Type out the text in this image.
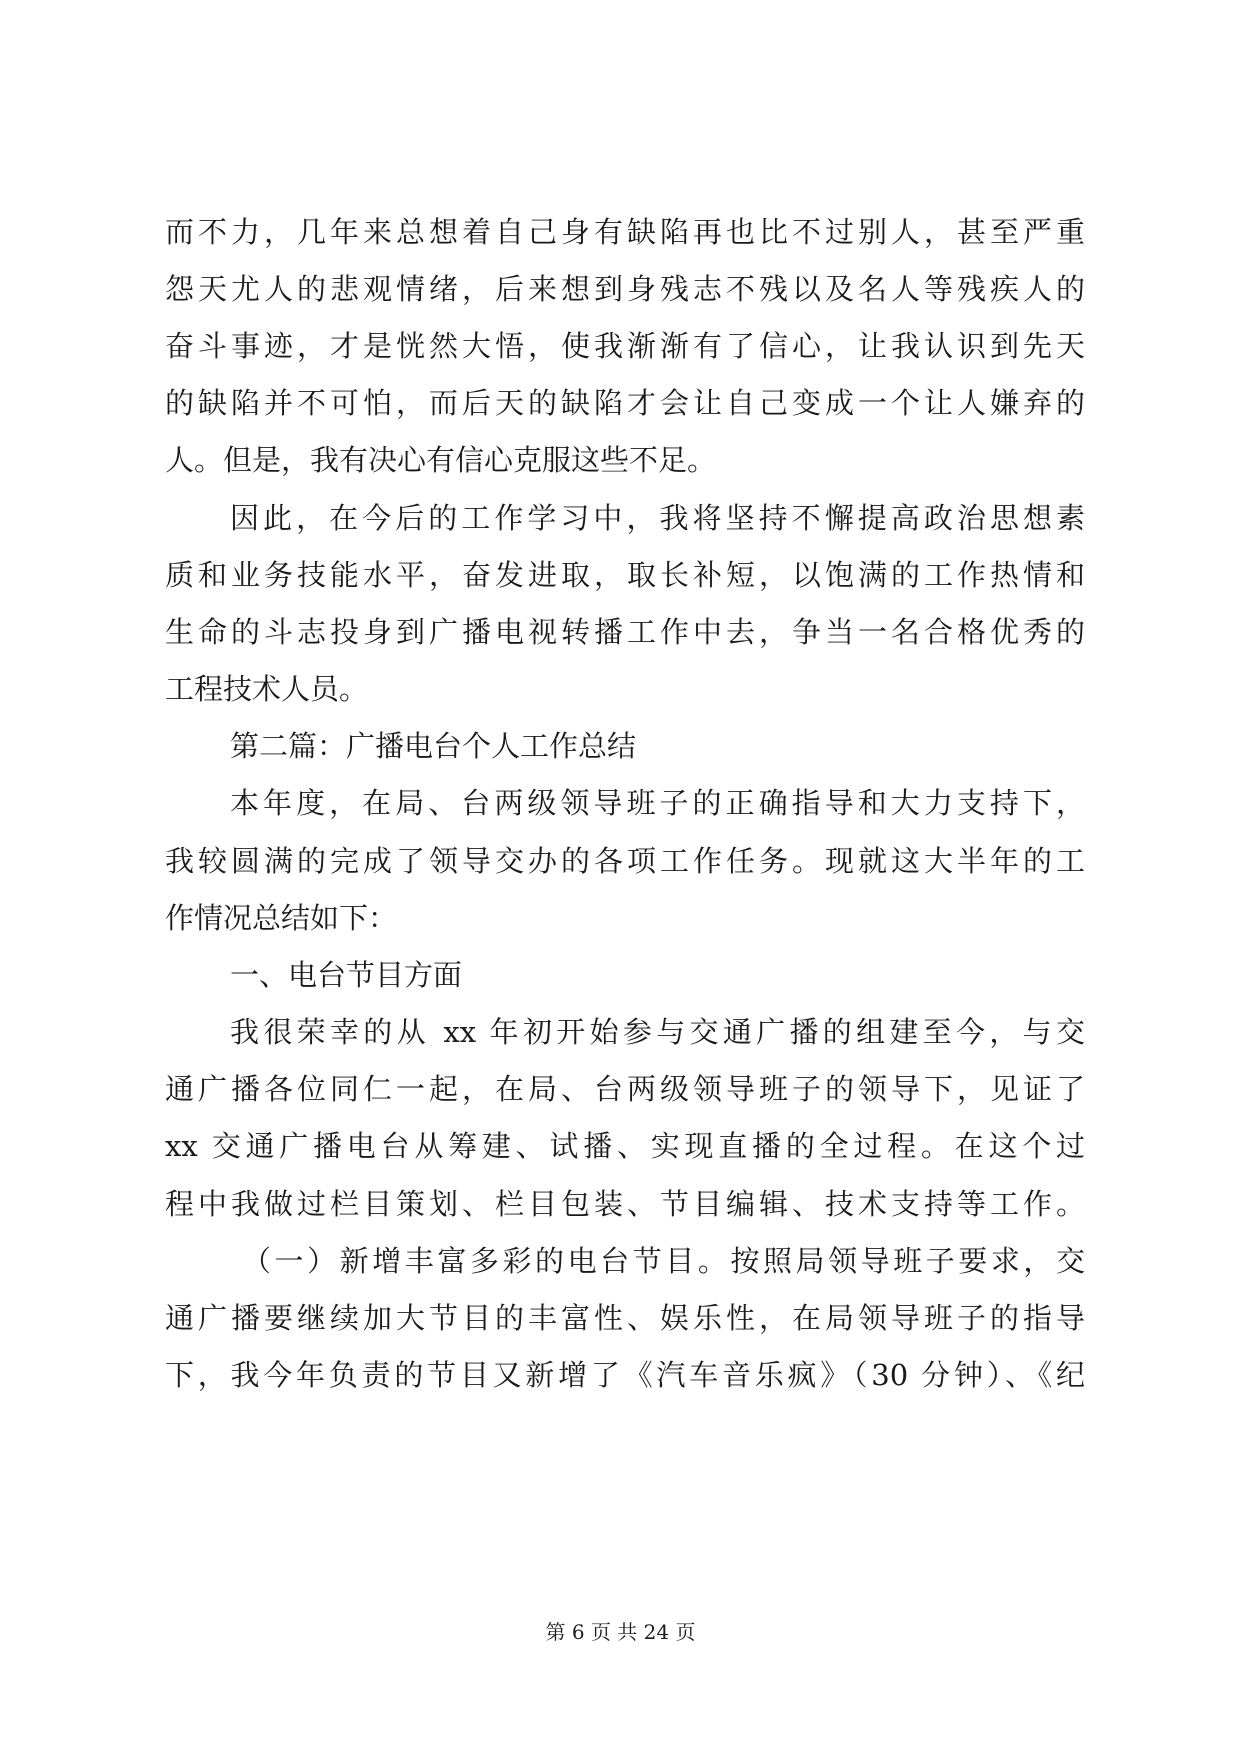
而不力，几年来总想着自己身有缺陷再也比不过别人，甚至严重
怨天尤人的悲观情绪，后来想到身残志不残以及名人等残疾人的
奋斗事迹，才是恍然大悟，使我渐渐有了信心，让我认识到先天
的缺陷并不可怕，而后天的缺陷才会让自己变成一个让人嫌弃的
人。但是，我有决心有信心克服这些不足。
因此，在今后的工作学习中，我将坚持不懈提高政治思想素
质和业务技能水平，奋发进取，取长补短，以饱满的工作热情和
生命的斗志投身到广播电视转播工作中去，争当一名合格优秀的
工程技术人员。
第二篇：广播电台个人工作总结
本年度，在局、台两级领导班子的正确指导和大力支持下，
我较圆满的完成了领导交办的各项工作任务。现就这大半年的工
作情况总结如下：
一、电台节目方面
我很荣幸的从 xx 年初开始参与交通广播的组建至今，与交
通广播各位同仁一起，在局、台两级领导班子的领导下，见证了
xx 交通广播电台从筹建、试播、实现直播的全过程。在这个过
程中我做过栏目策划、栏目包装、节目编辑、技术支持等工作。
（一）新增丰富多彩的电台节目。按照局领导班子要求，交
通广播要继续加大节目的丰富性、娱乐性，在局领导班子的指导
下，我今年负责的节目又新增了《汽车音乐疯》（30 分钟）、《纪
第 6 页 共 24 页
